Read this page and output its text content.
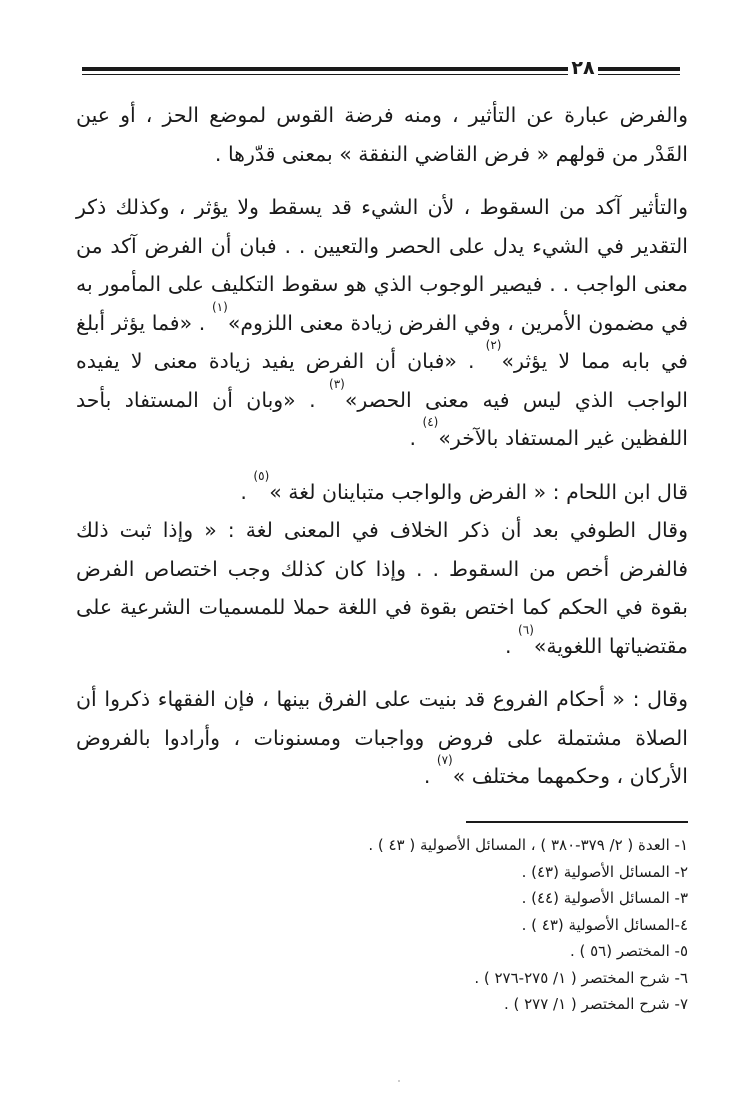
٢٨

والفرض عبارة عن التأثير ، ومنه فرضة القوس لموضع الحز ، أو عين القَدْر من قولهم « فرض القاضي النفقة » بمعنى قدّرها .

والتأثير آكد من السقوط ، لأن الشيء قد يسقط ولا يؤثر ، وكذلك ذكر التقدير في الشيء يدل على الحصر والتعيين . . فبان أن الفرض آكد من معنى الواجب . . فيصير الوجوب الذي هو سقوط التكليف على المأمور به في مضمون الأمرين ، وفي الفرض زيادة معنى اللزوم»$^{(١)}$ . «فما يؤثر أبلغ في بابه مما لا يؤثر»$^{(٢)}$ . «فبان أن الفرض يفيد زيادة معنى لا يفيده الواجب الذي ليس فيه معنى الحصر»$^{(٣)}$ . «وبان أن المستفاد بأحد اللفظين غير المستفاد بالآخر»$^{(٤)}$ .

قال ابن اللحام : « الفرض والواجب متباينان لغة »$^{(٥)}$ .

وقال الطوفي بعد أن ذكر الخلاف في المعنى لغة : « وإذا ثبت ذلك فالفرض أخص من السقوط . . وإذا كان كذلك وجب اختصاص الفرض بقوة في الحكم كما اختص بقوة في اللغة حملا للمسميات الشرعية على مقتضياتها اللغوية»$^{(٦)}$ .

وقال : « أحكام الفروع قد بنيت على الفرق بينها ، فإن الفقهاء ذكروا أن الصلاة مشتملة على فروض وواجبات ومسنونات ، وأرادوا بالفروض الأركان ، وحكمهما مختلف »$^{(٧)}$ .

١- العدة ( ٢/ ٣٧٩-٣٨٠ ) ، المسائل الأصولية ( ٤٣ ) .
٢- المسائل الأصولية (٤٣) .
٣- المسائل الأصولية (٤٤) .
٤-المسائل الأصولية (٤٣ ) .
٥- المختصر (٥٦ ) .
٦- شرح المختصر ( ١/ ٢٧٥-٢٧٦ ) .
٧- شرح المختصر ( ١/ ٢٧٧ ) .
